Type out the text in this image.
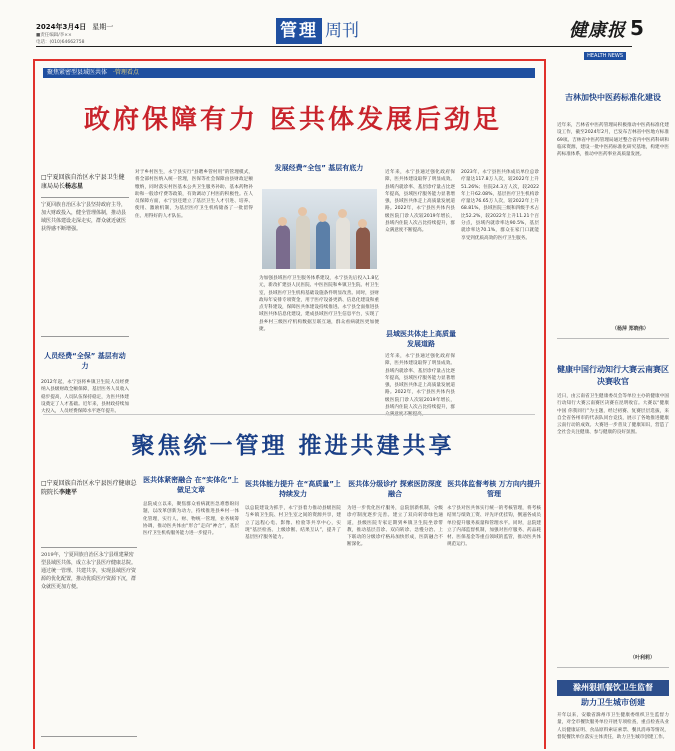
2024年3月4日 星期一
■责任编辑/李××
电话：(010)64662758
管理 周刊	健康报
HEALTH NEWS
5
聚焦紧密型县域医共体 ·管理看点
政府保障有力 医共体发展后劲足
□宁夏回族自治区永宁县卫生健康局局长杨志星
宁夏回族自治区永宁县坚持政府主导，加大财政投入，健全管理体制，推动县域医共体建设走深走实，群众就近就医获得感不断增强。
人员经费“全保” 基层有动力
2012年起，永宁县将乡镇卫生院人员经费纳入县级财政全额保障，基层医务人员收入稳步提高，人员队伍保持稳定，为医共体建设奠定了人才基础。近年来，县财政持续加大投入，人员经费保障水平逐年提升。
对于乡村医生，永宁县实行“县聘乡管村用”的管理模式，将全部村医纳入统一管理，医保等社会保障由县财政足额缴纳，同时落实村医基本公共卫生服务补助、基本药物补助和一般诊疗费等政策，有效调动了村医的积极性。在人员保障方面，永宁县还建立了基层卫生人才引进、培养、使用、激励机制，为基层医疗卫生机构储备了一批留得住、用得好的人才队伍。
发展经费“全包” 基层有底力
为加强县域医疗卫生服务体系建设，永宁县先后投入1.8亿元，新改扩建县人民医院、中医医院和乡镇卫生院、村卫生室，县域医疗卫生机构基础设施条件明显改善。同时，县财政每年安排专项资金，用于医疗设备更新、信息化建设和重点专科建设，保障医共体建设持续推进。永宁县全面推进县域医共体信息化建设，建成县域医疗卫生信息平台，实现了县乡村三级医疗机构数据互联互通，群众看病就医更加便捷。
近年来，永宁县通过强化政府保障，医共体建设取得了明显成效。县域内就诊率、基层诊疗量占比逐年提高，县域医疗服务能力显著增强，县域医共体走上高质量发展道路。2022年，永宁县医共体内县级医院门诊人次较2019年增长，县域内住院人次占比持续提升，群众满意度不断提高。
县域医共体走上高质量发展道路
近年来，永宁县通过强化政府保障，医共体建设取得了明显成效。县域内就诊率、基层诊疗量占比逐年提高，县域医疗服务能力显著增强，县域医共体走上高质量发展道路。2022年，永宁县医共体内县级医院门诊人次较2019年增长，县域内住院人次占比持续提升，群
2023年，永宁县医共体成员单位总诊疗量达117.8万人次，较2022年上升51.26%；住院24.3万人次，较2022年上升62.08%，基层医疗卫生机构诊疗量达76.65万人次，较2022年上升68.81%，县域医院三级和四级手术占比52.2%，较2022年上升11.21个百分点，县域内就诊率达90.5%，基层就诊率达70.1%，群众在家门口就能享受到优质高效的医疗卫生服务。
聚焦统一管理 推进共建共享
□宁夏回族自治区永宁县医疗健康总院院长李建平
2019年，宁夏回族自治区永宁县组建紧密型县域医共体，成立永宁县医疗健康总院。通过统一管理、共建共享，实现县域医疗资源的优化配置，推动优质医疗资源下沉，群众就医更加方便。
医共体紧密融合 在“实体化”上做足文章
总院成立以来，聚焦群众看病就医急难愁盼问题，以改革创新为动力，持续推进县乡村一体化管理，实行人、财、物统一管理，业务统筹协调，推动医共体由“形合”走向“神合”，基层医疗卫生机构服务能力进一步提升。
医共体能力提升 在“高质量”上持续发力
以总院建设为抓手，永宁县着力推动县级医院与乡镇卫生院、村卫生室之间的资源共享，建立了远程心电、影像、检验等共享中心，实现“基层检查、上级诊断、结果互认”，提升了基层医疗服务能力。
医共体分级诊疗 探索医防深度融合
为进一步优化医疗服务，总院创新机制，分级诊疗制度逐步完善。建立了双向转诊绿色通道，县级医院专家定期到乡镇卫生院坐诊带教，推动基层首诊、双向转诊、急慢分治、上下联动的分级诊疗格局加快形成，医防融合不断深化。
医共体监督考核 万方向内提升管理
永宁县对医共体实行统一的考核管理，将考核结果与绩效工资、评先评优挂钩，倒逼各成员单位提升服务质量和管理水平。同时，总院建立了内部监督机制，加强对医疗服务、药品耗材、医保基金等重点领域的监管，推动医共体规范运行。
吉林加快中医药标准化建设
近年来，吉林省中医药管理局积极推动中医药标准化建设工作，截至2024年2月，已发布吉林省中医地方标准69项。吉林省中医药管理局通过整合省内中医药科研和临床资源，建设一批中医药标准化研究基地，构建中医药标准体系，推动中医药事业高质量发展。
（杨萍 郑晓伟）
健康中国行动知行大赛云南赛区决赛收官
近日，由云南省卫生健康委员会等单位主办的健康中国行动知行大赛云南赛区决赛在昆明收官。大赛以“健康中国 你我同行”为主题，经过初赛、复赛层层选拔，来自全省各州市的代表队同台竞技，展示了各地推进健康云南行动的成效。大赛进一步普及了健康知识，营造了全社会关注健康、参与健康的良好氛围。
（叶利莉）
滁州狠抓餐饮卫生监督
助力卫生城市创建
开年以来，安徽省滁州市卫生健康委组织卫生监督力量，对全市餐饮服务单位开展专项检查，重点检查从业人员健康证明、食品原料索证索票、餐具消毒等情况，督促餐饮单位落实主体责任，助力卫生城市创建工作。
